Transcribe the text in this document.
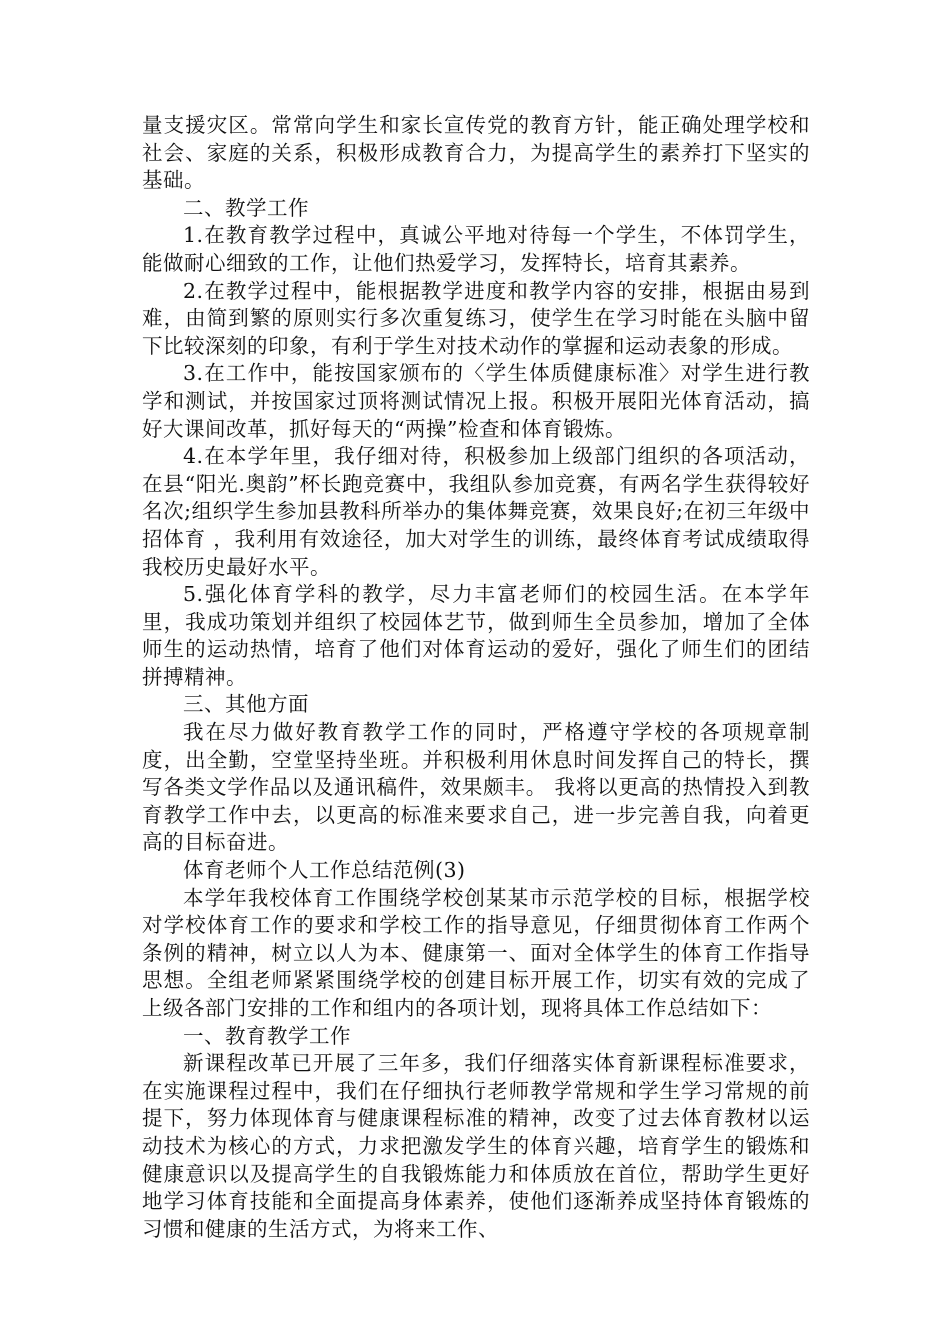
量支援灾区。常常向学生和家长宣传党的教育方针，能正确处理学校和社会、家庭的关系，积极形成教育合力，为提高学生的素养打下坚实的基础。

二、教学工作

1.在教育教学过程中，真诚公平地对待每一个学生，不体罚学生，能做耐心细致的工作，让他们热爱学习，发挥特长，培育其素养。

2.在教学过程中，能根据教学进度和教学内容的安排，根据由易到难，由简到繁的原则实行多次重复练习，使学生在学习时能在头脑中留下比较深刻的印象，有利于学生对技术动作的掌握和运动表象的形成。

3.在工作中，能按国家颁布的〈学生体质健康标准〉对学生进行教学和测试，并按国家过顶将测试情况上报。积极开展阳光体育活动，搞好大课间改革，抓好每天的“两操”检查和体育锻炼。

4.在本学年里，我仔细对待，积极参加上级部门组织的各项活动，在县“阳光.奥韵”杯长跑竞赛中，我组队参加竞赛，有两名学生获得较好名次;组织学生参加县教科所举办的集体舞竞赛，效果良好;在初三年级中招体育 ，我利用有效途径，加大对学生的训练，最终体育考试成绩取得我校历史最好水平。

5.强化体育学科的教学，尽力丰富老师们的校园生活。在本学年里，我成功策划并组织了校园体艺节，做到师生全员参加，增加了全体师生的运动热情，培育了他们对体育运动的爱好，强化了师生们的团结拼搏精神。

三、其他方面

我在尽力做好教育教学工作的同时，严格遵守学校的各项规章制度，出全勤，空堂坚持坐班。并积极利用休息时间发挥自己的特长，撰写各类文学作品以及通讯稿件，效果颇丰。 我将以更高的热情投入到教育教学工作中去，以更高的标准来要求自己，进一步完善自我，向着更高的目标奋进。

体育老师个人工作总结范例(3)

本学年我校体育工作围绕学校创某某市示范学校的目标，根据学校对学校体育工作的要求和学校工作的指导意见，仔细贯彻体育工作两个条例的精神，树立以人为本、健康第一、面对全体学生的体育工作指导思想。全组老师紧紧围绕学校的创建目标开展工作，切实有效的完成了上级各部门安排的工作和组内的各项计划，现将具体工作总结如下：

一、教育教学工作

新课程改革已开展了三年多，我们仔细落实体育新课程标准要求，在实施课程过程中，我们在仔细执行老师教学常规和学生学习常规的前提下，努力体现体育与健康课程标准的精神，改变了过去体育教材以运动技术为核心的方式，力求把激发学生的体育兴趣，培育学生的锻炼和健康意识以及提高学生的自我锻炼能力和体质放在首位，帮助学生更好地学习体育技能和全面提高身体素养，使他们逐渐养成坚持体育锻炼的习惯和健康的生活方式，为将来工作、
